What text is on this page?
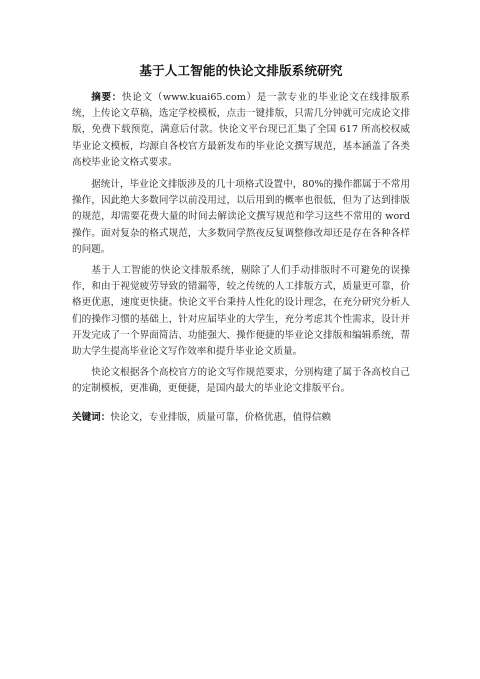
基于人工智能的快论文排版系统研究

摘要：快论文（www.kuai65.com）是一款专业的毕业论文在线排版系统，上传论文草稿，选定学校模板，点击一键排版，只需几分钟就可完成论文排版，免费下载预览，满意后付款。快论文平台现已汇集了全国 617 所高校权威毕业论文模板，均源自各校官方最新发布的毕业论文撰写规范，基本涵盖了各类高校毕业论文格式要求。

据统计，毕业论文排版涉及的几十项格式设置中，80%的操作都属于不常用操作，因此绝大多数同学以前没用过，以后用到的概率也很低，但为了达到排版的规范，却需要花费大量的时间去解读论文撰写规范和学习这些不常用的 word 操作。面对复杂的格式规范，大多数同学熬夜反复调整修改却还是存在各种各样的问题。

基于人工智能的快论文排版系统，剔除了人们手动排版时不可避免的误操作，和由于视觉疲劳导致的错漏等，较之传统的人工排版方式，质量更可靠，价格更优惠，速度更快捷。快论文平台秉持人性化的设计理念，在充分研究分析人们的操作习惯的基础上，针对应届毕业的大学生，充分考虑其个性需求，设计并开发完成了一个界面简洁、功能强大、操作便捷的毕业论文排版和编辑系统，帮助大学生提高毕业论文写作效率和提升毕业论文质量。

快论文根据各个高校官方的论文写作规范要求，分别构建了属于各高校自己的定制模板，更准确，更便捷，是国内最大的毕业论文排版平台。

关键词：快论文，专业排版，质量可靠，价格优惠，值得信赖
